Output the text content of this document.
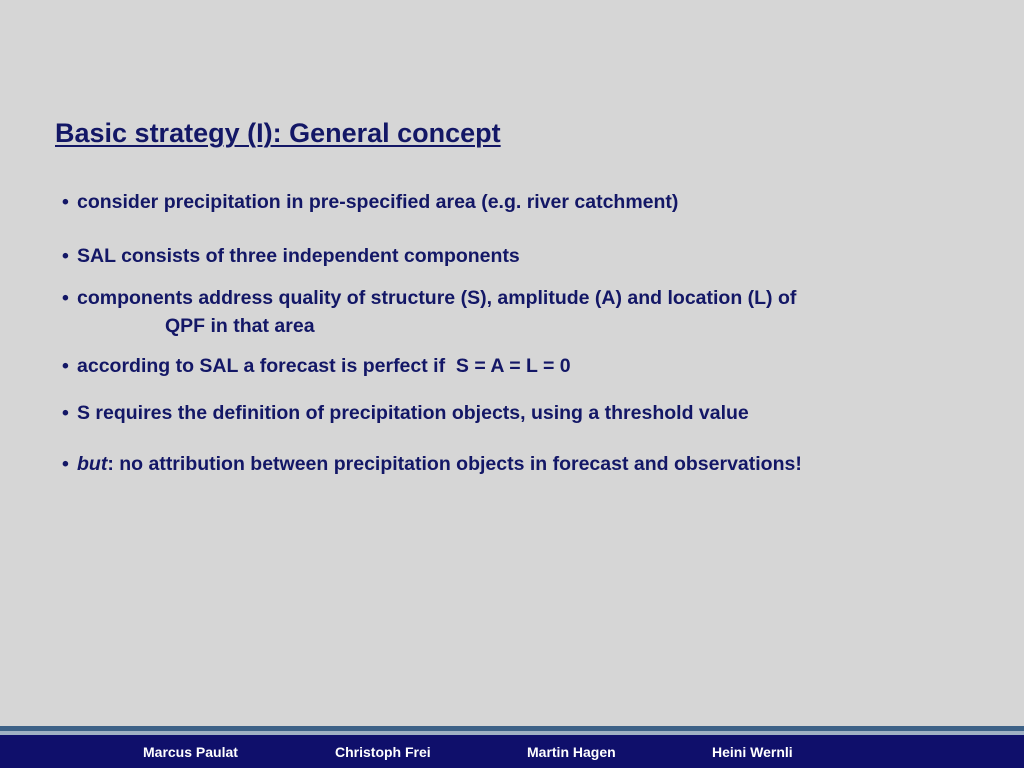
Basic strategy (I): General concept

• consider precipitation in pre-specified area (e.g. river catchment)

• SAL consists of three independent components

• components address quality of structure (S), amplitude (A) and location (L) of
QPF in that area

• according to SAL a forecast is perfect if  S = A = L = 0

• S requires the definition of precipitation objects, using a threshold value

• but: no attribution between precipitation objects in forecast and observations!

Marcus Paulat	Christoph Frei	Martin Hagen	Heini Wernli
